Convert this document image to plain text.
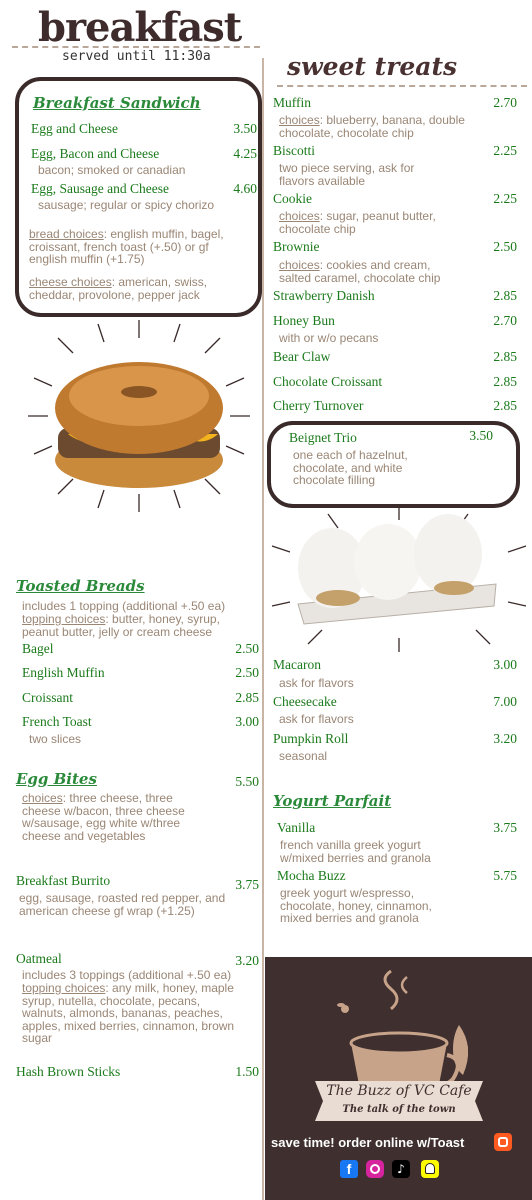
breakfast
served until 11:30a	sweet treats
Breakfast Sandwich
Egg and Cheese	3.50
Egg, Bacon and Cheese	4.25
bacon; smoked or canadian
Egg, Sausage and Cheese	4.60
sausage; regular or spicy chorizo
bread choices: english muffin, bagel, croissant, french toast (+.50) or gf english muffin (+1.75)
cheese choices: american, swiss, cheddar, provolone, pepper jack
Toasted Breads
includes 1 topping (additional +.50 ea)
topping choices: butter, honey, syrup, peanut butter, jelly or cream cheese
Bagel	2.50
English Muffin	2.50
Croissant	2.85
French Toast	3.00
two slices
Egg Bites	5.50
choices: three cheese, three cheese w/bacon, three cheese w/sausage, egg white w/three cheese and vegetables
Breakfast Burrito	3.75
egg, sausage, roasted red pepper, and american cheese gf wrap (+1.25)
Oatmeal	3.20
includes 3 toppings (additional +.50 ea)
topping choices: any milk, honey, maple syrup, nutella, chocolate, pecans, walnuts, almonds, bananas, peaches, apples, mixed berries, cinnamon, brown sugar
Hash Brown Sticks	1.50
Muffin	2.70
choices: blueberry, banana, double chocolate, chocolate chip
Biscotti	2.25
two piece serving, ask for flavors available
Cookie	2.25
choices: sugar, peanut butter, chocolate chip
Brownie	2.50
choices: cookies and cream, salted caramel, chocolate chip
Strawberry Danish	2.85
Honey Bun	2.70
with or w/o pecans
Bear Claw	2.85
Chocolate Croissant	2.85
Cherry Turnover	2.85
Beignet Trio	3.50
one each of hazelnut, chocolate, and white chocolate filling
Macaron	3.00
ask for flavors
Cheesecake	7.00
ask for flavors
Pumpkin Roll	3.20
seasonal
Yogurt Parfait
Vanilla	3.75
french vanilla greek yogurt w/mixed berries and granola
Mocha Buzz	5.75
greek yogurt w/espresso, chocolate, honey, cinnamon, mixed berries and granola
The Buzz of VC Cafe
The talk of the town
save time! order online w/Toast
f	♪
